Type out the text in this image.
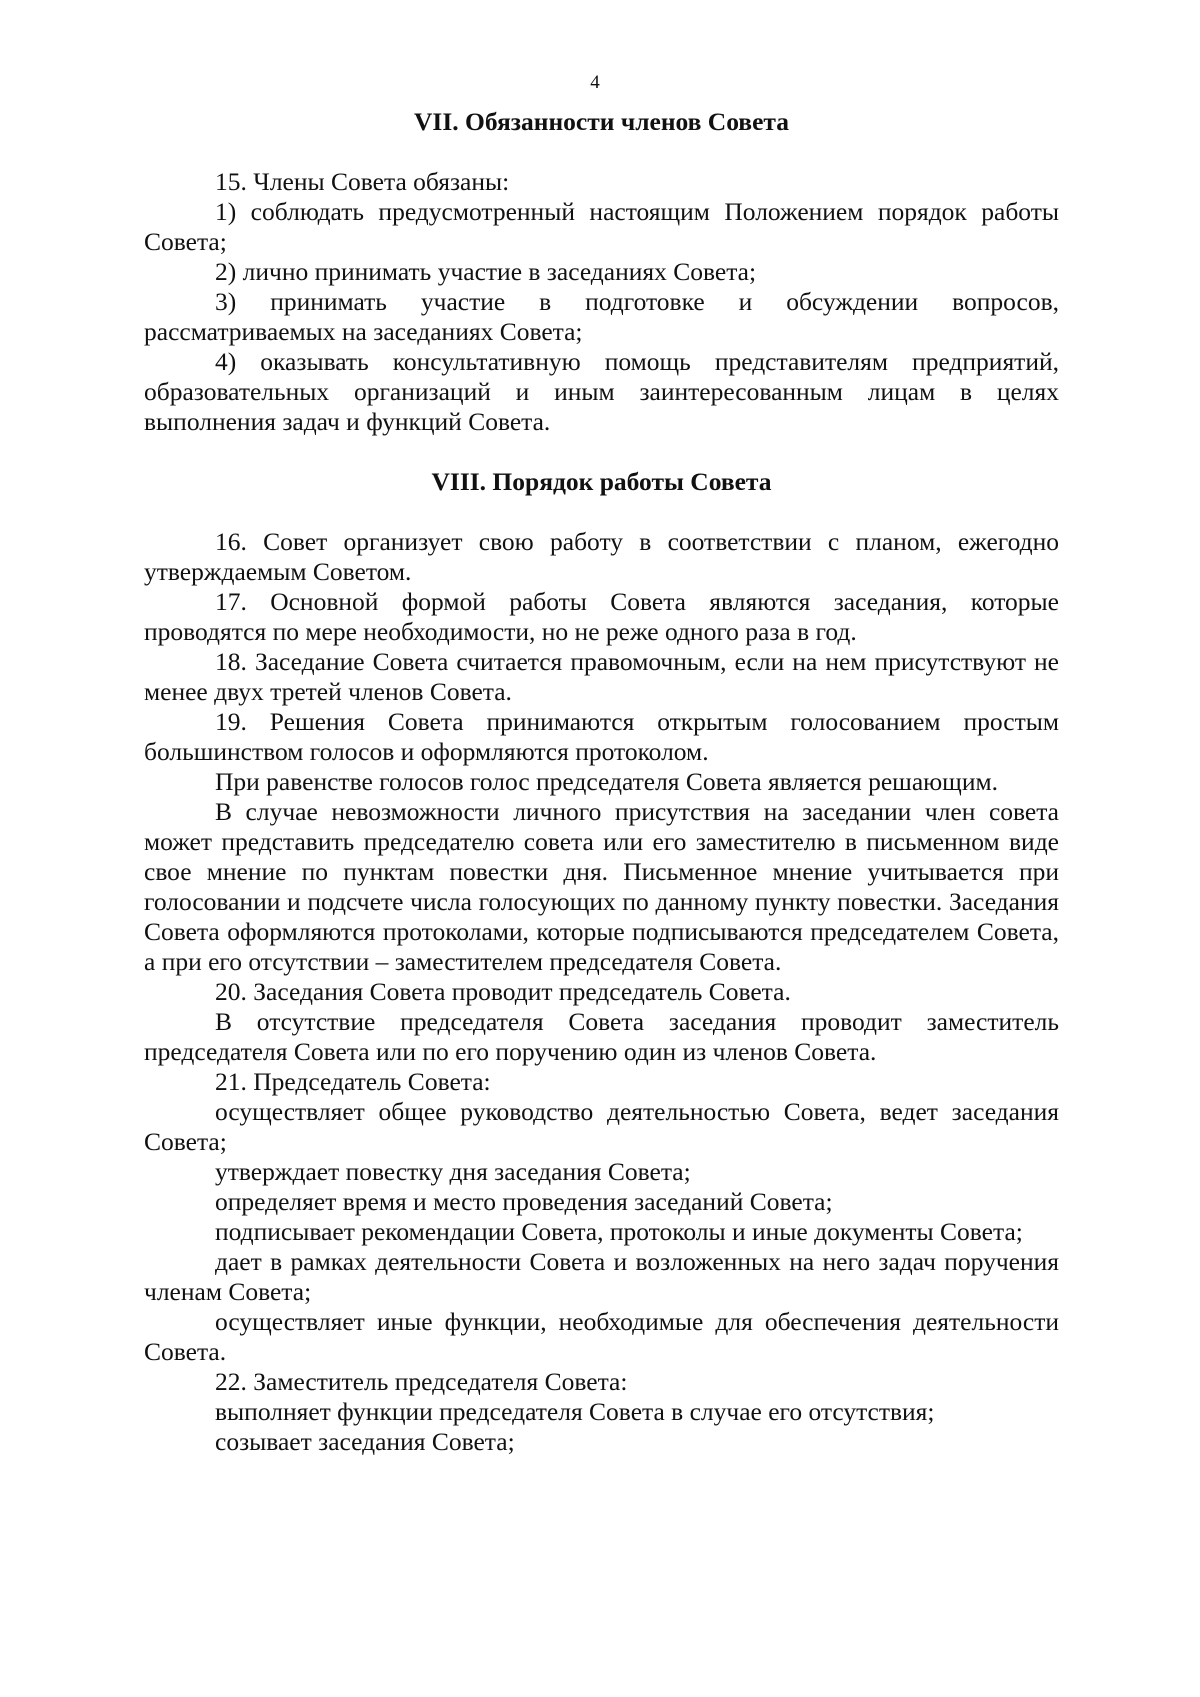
4
VII. Обязанности членов Совета

15. Члены Совета обязаны:

1) соблюдать предусмотренный настоящим Положением порядок работы Совета;

2) лично принимать участие в заседаниях Совета;

3) принимать участие в подготовке и обсуждении вопросов, рассматриваемых на заседаниях Совета;

4) оказывать консультативную помощь представителям предприятий, образовательных организаций и иным заинтересованным лицам в целях выполнения задач и функций Совета.

VIII. Порядок работы Совета

16. Совет организует свою работу в соответствии с планом, ежегодно утверждаемым Советом.

17. Основной формой работы Совета являются заседания, которые проводятся по мере необходимости, но не реже одного раза в год.

18. Заседание Совета считается правомочным, если на нем присутствуют не менее двух третей членов Совета.

19. Решения Совета принимаются открытым голосованием простым большинством голосов и оформляются протоколом.

При равенстве голосов голос председателя Совета является решающим.

В случае невозможности личного присутствия на заседании член совета может представить председателю совета или его заместителю в письменном виде свое мнение по пунктам повестки дня. Письменное мнение учитывается при голосовании и подсчете числа голосующих по данному пункту повестки. Заседания Совета оформляются протоколами, которые подписываются председателем Совета, а при его отсутствии – заместителем председателя Совета.

20. Заседания Совета проводит председатель Совета.

В отсутствие председателя Совета заседания проводит заместитель председателя Совета или по его поручению один из членов Совета.

21. Председатель Совета:

осуществляет общее руководство деятельностью Совета, ведет заседания Совета;

утверждает повестку дня заседания Совета;

определяет время и место проведения заседаний Совета;

подписывает рекомендации Совета, протоколы и иные документы Совета;

дает в рамках деятельности Совета и возложенных на него задач поручения членам Совета;

осуществляет иные функции, необходимые для обеспечения деятельности Совета.

22. Заместитель председателя Совета:

выполняет функции председателя Совета в случае его отсутствия;

созывает заседания Совета;
